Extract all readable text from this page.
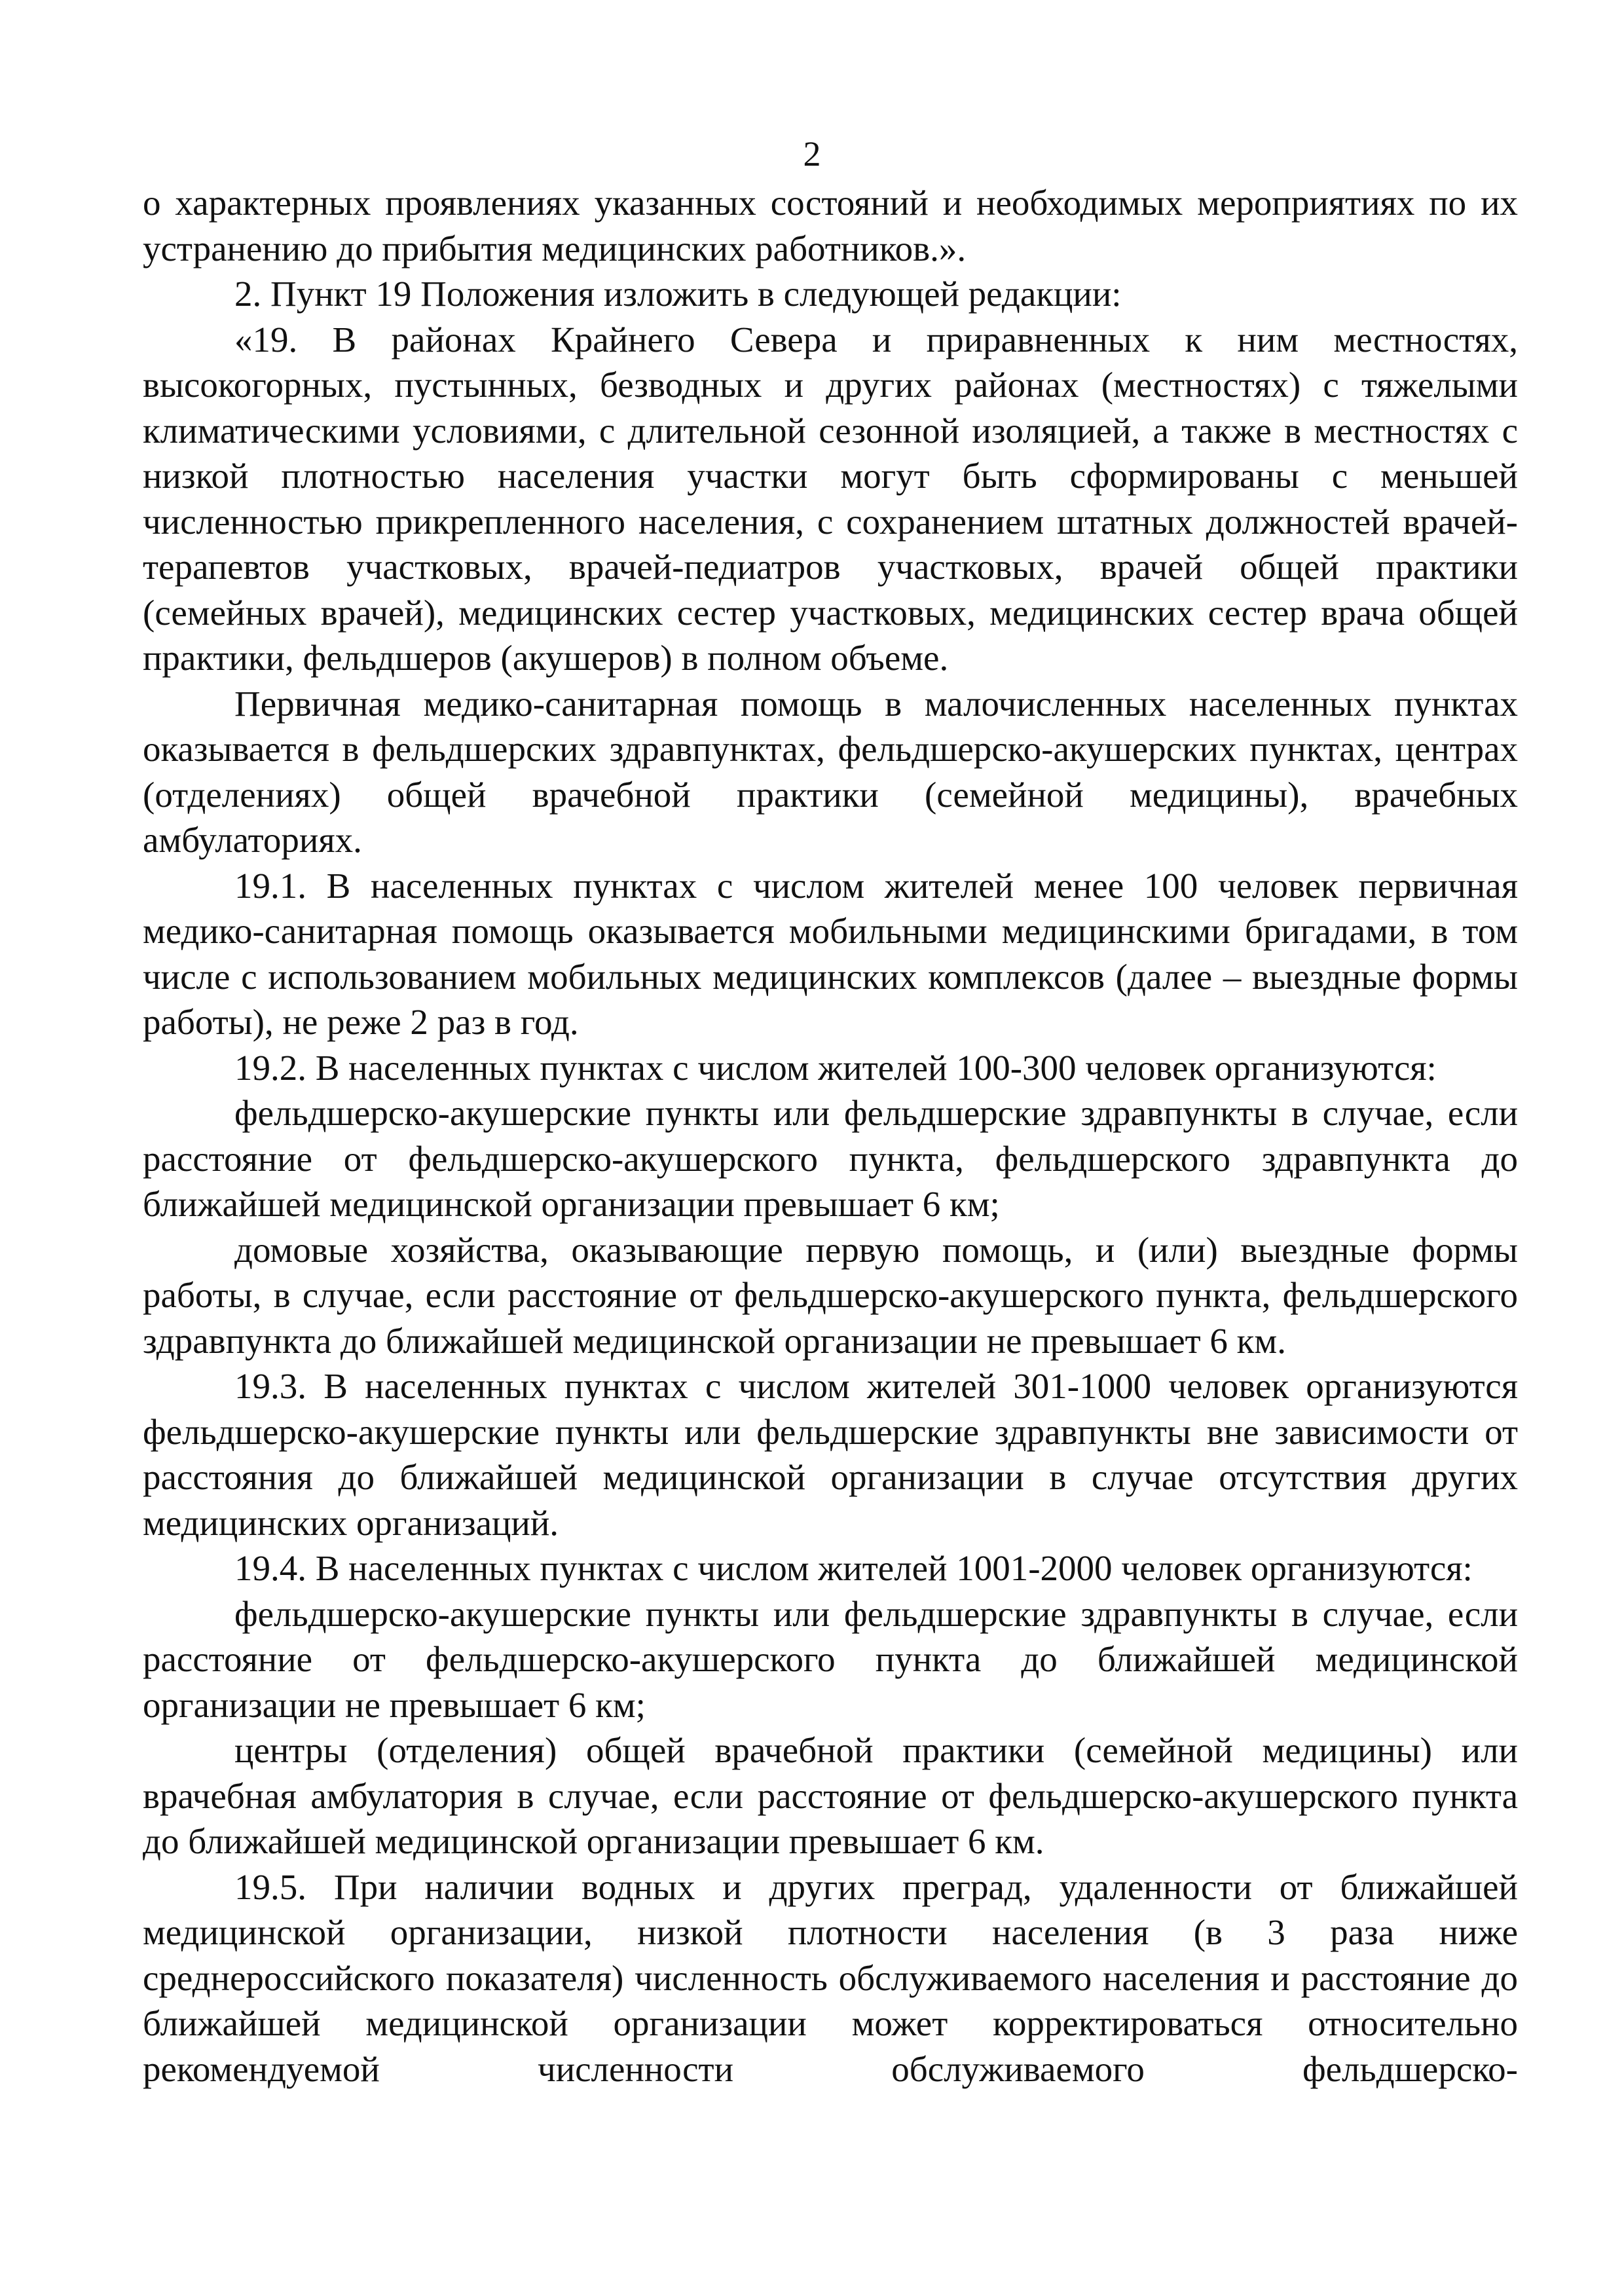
2

о характерных проявлениях указанных состояний и необходимых мероприятиях по их устранению до прибытия медицинских работников.».

2. Пункт 19 Положения изложить в следующей редакции:

«19. В районах Крайнего Севера и приравненных к ним местностях, высокогорных, пустынных, безводных и других районах (местностях) с тяжелыми климатическими условиями, с длительной сезонной изоляцией, а также в местностях с низкой плотностью населения участки могут быть сформированы с меньшей численностью прикрепленного населения, с сохранением штатных должностей врачей-терапевтов участковых, врачей-педиатров участковых, врачей общей практики (семейных врачей), медицинских сестер участковых, медицинских сестер врача общей практики, фельдшеров (акушеров) в полном объеме.

Первичная медико-санитарная помощь в малочисленных населенных пунктах оказывается в фельдшерских здравпунктах, фельдшерско-акушерских пунктах, центрах (отделениях) общей врачебной практики (семейной медицины), врачебных амбулаториях.

19.1. В населенных пунктах с числом жителей менее 100 человек первичная медико-санитарная помощь оказывается мобильными медицинскими бригадами, в том числе с использованием мобильных медицинских комплексов (далее – выездные формы работы), не реже 2 раз в год.

19.2. В населенных пунктах с числом жителей 100-300 человек организуются:

фельдшерско-акушерские пункты или фельдшерские здравпункты в случае, если расстояние от фельдшерско-акушерского пункта, фельдшерского здравпункта до ближайшей медицинской организации превышает 6 км;

домовые хозяйства, оказывающие первую помощь, и (или) выездные формы работы, в случае, если расстояние от фельдшерско-акушерского пункта, фельдшерского здравпункта до ближайшей медицинской организации не превышает 6 км.

19.3. В населенных пунктах с числом жителей 301-1000 человек организуются фельдшерско-акушерские пункты или фельдшерские здравпункты вне зависимости от расстояния до ближайшей медицинской организации в случае отсутствия других медицинских организаций.

19.4. В населенных пунктах с числом жителей 1001-2000 человек организуются:

фельдшерско-акушерские пункты или фельдшерские здравпункты в случае, если расстояние от фельдшерско-акушерского пункта до ближайшей медицинской организации не превышает 6 км;

центры (отделения) общей врачебной практики (семейной медицины) или врачебная амбулатория в случае, если расстояние от фельдшерско-акушерского пункта до ближайшей медицинской организации превышает 6 км.

19.5. При наличии водных и других преград, удаленности от ближайшей медицинской организации, низкой плотности населения (в 3 раза ниже среднероссийского показателя) численность обслуживаемого населения и расстояние до ближайшей медицинской организации может корректироваться относительно рекомендуемой численности обслуживаемого фельдшерско-
